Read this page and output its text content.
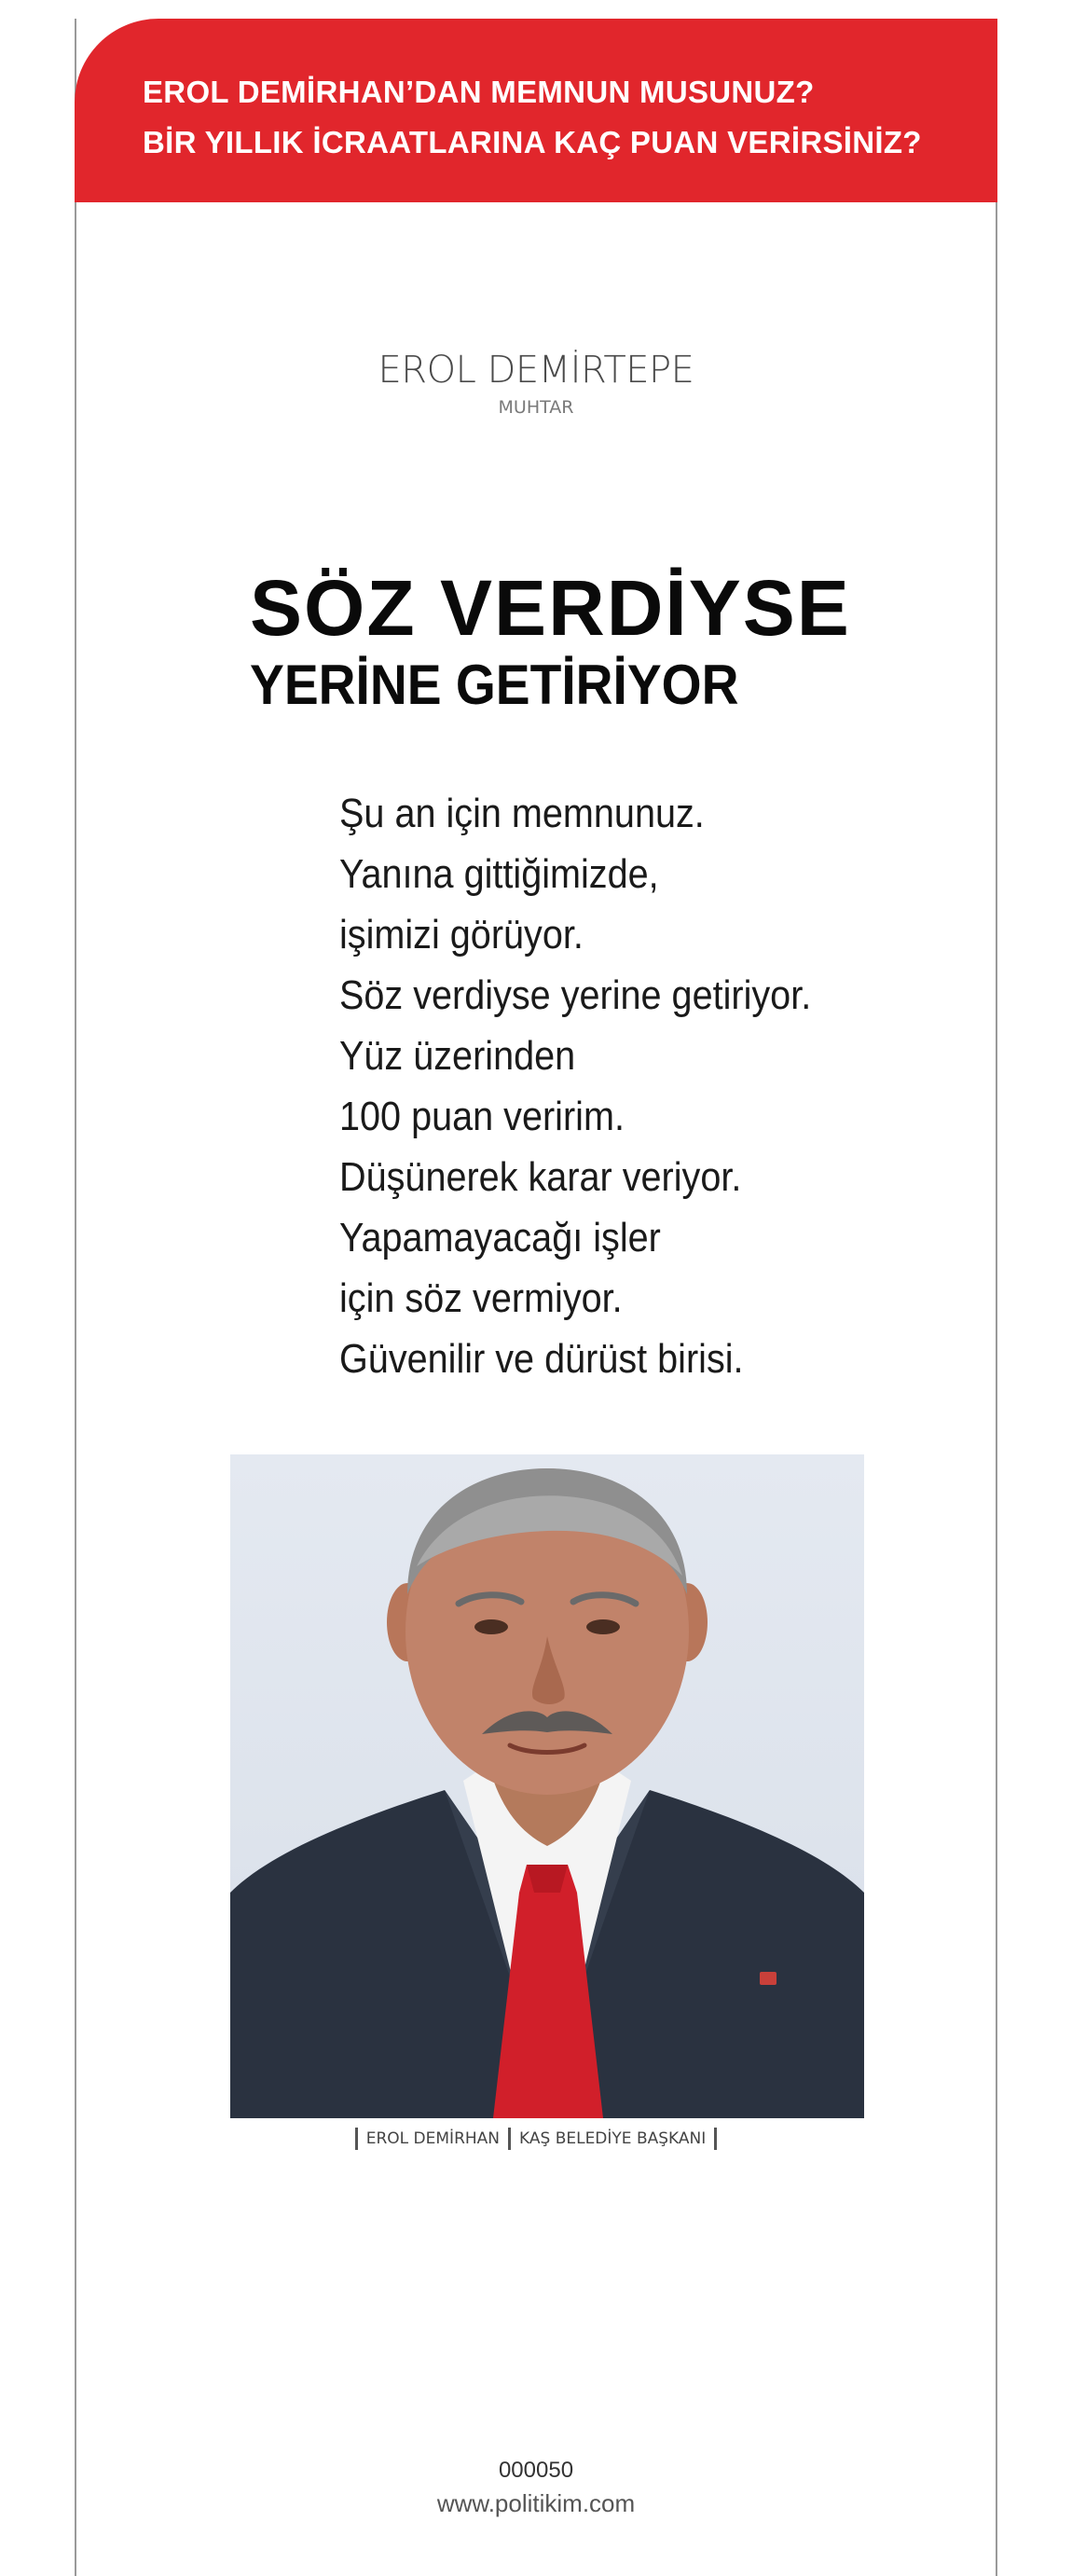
EROL DEMİRHAN’DAN MEMNUN MUSUNUZ?
BİR YILLIK İCRAATLARINA KAÇ PUAN VERİRSİNİZ?
EROL DEMİRTEPE
MUHTAR
SÖZ VERDİYSE
YERİNE GETİRİYOR
Şu an için memnunuz.
Yanına gittiğimizde,
işimizi görüyor.
Söz verdiyse yerine getiriyor.
Yüz üzerinden
100 puan veririm.
Düşünerek karar veriyor.
Yapamayacağı işler
için söz vermiyor.
Güvenilir ve dürüst birisi.
EROL DEMİRHAN KAŞ BELEDİYE BAŞKANI
000050
www.politikim.com
